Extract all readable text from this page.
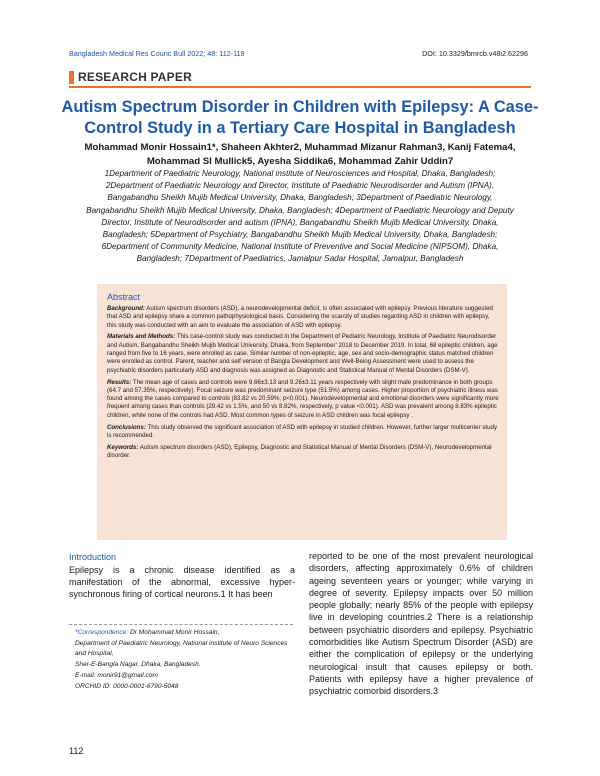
Bangladesh Medical Res Counc Bull 2022; 48: 112-119	DOI: 10.3329/bmrcb.v48i2.62296
RESEARCH PAPER
Autism Spectrum Disorder in Children with Epilepsy: A Case-Control Study in a Tertiary Care Hospital in Bangladesh
Mohammad Monir Hossain1*, Shaheen Akhter2, Muhammad Mizanur Rahman3, Kanij Fatema4, Mohammad SI Mullick5, Ayesha Siddika6, Mohammad Zahir Uddin7
1Department of Paediatric Neurology, National institute of Neurosciences and Hospital, Dhaka, Bangladesh; 2Department of Paediatric Neurology and Director, Institute of Paediatric Neurodisorder and Autism (IPNA), Bangabandhu Sheikh Mujib Medical University, Dhaka, Bangladesh; 3Department of Paediatric Neurology, Bangabandhu Sheikh Mujib Medical University, Dhaka, Bangladesh; 4Department of Paediatric Neurology and Deputy Director, Institute of Neurodisorder and autism (IPNA), Bangabandhu Sheikh Mujib Medical University, Dhaka, Bangladesh; 5Department of Psychiatry, Bangabandhu Sheikh Mujib Medical University, Dhaka, Bangladesh; 6Department of Community Medicine, National Institute of Preventive and Social Medicine (NIPSOM), Dhaka, Bangladesh; 7Department of Paediatrics, Jamalpur Sadar Hospital, Jamalpur, Bangladesh
Abstract

Background: Autism spectrum disorders (ASD), a neurodevelopmental deficit, is often associated with epilepsy. Previous literature suggested that ASD and epilepsy share a common pathophysiological basis. Considering the scarcity of studies regarding ASD in children with epilepsy, this study was conducted with an aim to evaluate the association of ASD with epilepsy.

Materials and Methods: This case-control study was conducted in the Department of Pediatric Neurology, Institute of Paediatric Neurodisorder and Autism, Bangabandhu Sheikh Mujib Medical University, Dhaka, from September' 2018 to December 2019. In total, 68 epileptic children, age ranged from five to 16 years, were enrolled as case. Similar number of non-epileptic, age, sex and socio-demographic status matched children were enrolled as control. Parent, teacher and self version of Bangla Development and Well-Being Assessment were used to assess the psychiatric disorders particularly ASD and diagnosis was assigned as Diagnostic and Statistical Manual of Mental Disorders (DSM-V).

Results: The mean age of cases and controls were 9.66±3.13 and 9.26±3.11 years respectively with slight male predominance in both groups (64.7 and 57.35%, respectively). Focal seizure was predominant seizure type (51.5%) among cases. Higher proportion of psychiatric illness was found among the cases compared to controls (83.82 vs 20.59%; p<0.001). Neurodevelopmental and emotional disorders were significantly more frequent among cases than controls (29.42 vs 1.5%, and 50 vs 8.82%, respectively, p value <0.001). ASD was prevalent among 8.83% epileptic children, while none of the controls had ASD. Most common types of seizure in ASD children was focal epilepsy .

Conclusions: This study observed the significant association of ASD with epilepsy in studied children. However, further larger multicenter study is recommended.

Keywords: Autism spectrum disorders (ASD), Epilepsy, Diagnostic and Statistical Manual of Mental Disorders (DSM-V), Neurodevelopmental disorder.

Introduction

Epilepsy is a chronic disease identified as a manifestation of the abnormal, excessive hyper-synchronous firing of cortical neurons.1 It has been

*Correspondence: Dr Mohammad Monir Hossain,
Department of Paediatric Neurology, National institute of Neuro Sciences and Hospital,
Sher-E-Bangla Nagar, Dhaka, Bangladesh.
E-mail: monir91@gmail.com
ORCHID ID: 0000-0001-6790-5048
reported to be one of the most prevalent neurological disorders, affecting approximately 0.6% of children ageing seventeen years or younger; while varying in degree of severity. Epilepsy impacts over 50 million people globally; nearly 85% of the people with epilepsy live in developing countries.2 There is a relationship between psychiatric disorders and epilepsy. Psychiatric comorbidities like Autism Spectrum Disorder (ASD) are either the complication of epilepsy or the underlying neurological insult that causes epilepsy or both. Patients with epilepsy have a higher prevalence of psychiatric comorbid disorders.3
112
